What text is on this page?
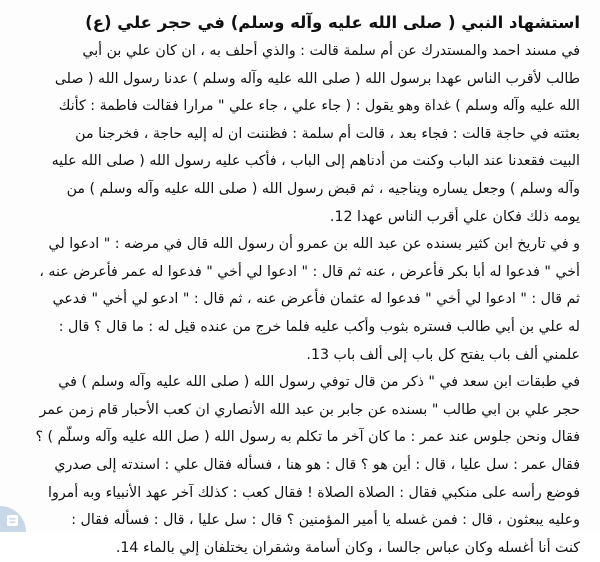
استشهاد النبي ( صلى الله عليه وآله وسلم) في حجر علي (ع)
في مسند احمد والمستدرك عن أم سلمة قالت : والذي أحلف به ، ان كان علي بن أبي
طالب لأقرب الناس عهدا برسول الله ( صلى الله عليه وآله وسلم ) عدنا رسول الله ( صلى
الله عليه وآله وسلم ) غداة وهو يقول : ( جاء علي ، جاء علي " مرارا فقالت فاطمة : كأنك
بعثته في حاجة قالت : فجاء بعد ، قالت أم سلمة : فظننت ان له إليه حاجة ، فخرجنا من
البيت فقعدنا عند الباب وكنت من أدناهم إلى الباب ، فأكب عليه رسول الله ( صلى الله عليه
وآله وسلم ) وجعل يساره ويناجيه ، ثم قبض رسول الله ( صلى الله عليه وآله وسلم ) من
يومه ذلك فكان علي أقرب الناس عهدا 12.
و في تاريخ ابن كثير بسنده عن عبد الله بن عمرو أن رسول الله قال في مرضه : " ادعوا لي
أخي " فدعوا له أبا بكر فأعرض ، عنه ثم قال : " ادعوا لي أخي " فدعوا له عمر فأعرض عنه ،
ثم قال : " ادعوا لي أخي " فدعوا له عثمان فأعرض عنه ، ثم قال : " ادعو لي أخي " فدعي
له علي بن أبي طالب فستره بثوب وأكب عليه فلما خرج من عنده قيل له : ما قال ؟ قال :
علمني ألف باب يفتح كل باب إلى ألف باب 13.
في طبقات ابن سعد في " ذكر من قال توفي رسول الله ( صلى الله عليه وآله وسلم ) في
حجر علي بن ابي طالب " بسنده عن جابر بن عبد الله الأنصاري ان كعب الأحبار قام زمن عمر
فقال ونحن جلوس عند عمر : ما كان آخر ما تكلم به رسول الله ( صل الله عليه وآله وسلّم ) ؟
فقال عمر : سل عليا ، قال : أين هو ؟ قال : هو هنا ، فسأله فقال علي : اسندته إلى صدري
فوضع رأسه على منكبي فقال : الصلاة الصلاة ! فقال كعب : كذلك آخر عهد الأنبياء وبه أمروا
وعليه يبعثون ، قال : فمن غسله يا أمير المؤمنين ؟ قال : سل عليا ، قال : فسأله فقال :
كنت أنا أغسله وكان عباس جالسا ، وكان أسامة وشقران يختلفان إلي بالماء 14.
